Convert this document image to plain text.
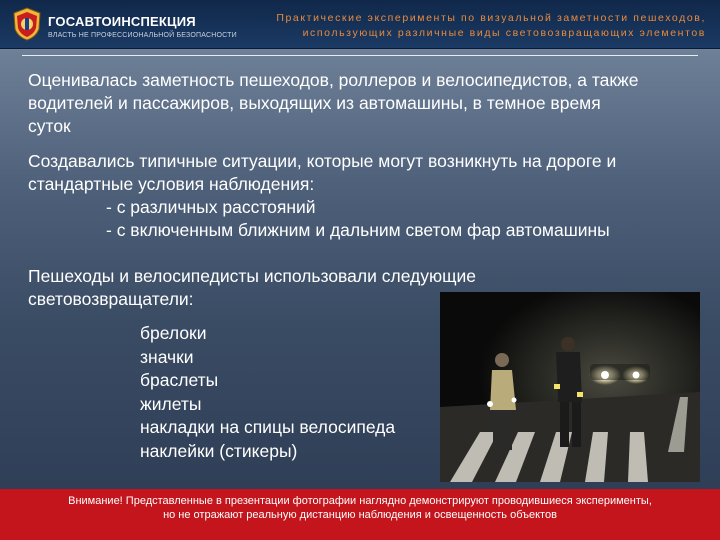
ГОСАВТОИНСПЕКЦИЯ
ВЛАСТЬ НЕ ПРОФЕССИОНАЛЬНОЙ БЕЗОПАСНОСТИ
Практические эксперименты по визуальной заметности пешеходов,
использующих различные виды световозвращающих элементов
Оценивалась заметность пешеходов, роллеров и велосипедистов, а также
водителей и пассажиров, выходящих из автомашины, в темное время
суток
Создавались типичные ситуации, которые могут возникнуть на дороге и
стандартные условия наблюдения:
- с различных расстояний
- с включенным ближним и дальним светом фар автомашины
Пешеходы и велосипедисты использовали следующие
световозвращатели:
брелоки
значки
браслеты
жилеты
накладки на спицы велосипеда
наклейки (стикеры)
Внимание! Представленные в презентации фотографии наглядно демонстрируют проводившиеся эксперименты,
но не отражают реальную дистанцию наблюдения и освещенность объектов
